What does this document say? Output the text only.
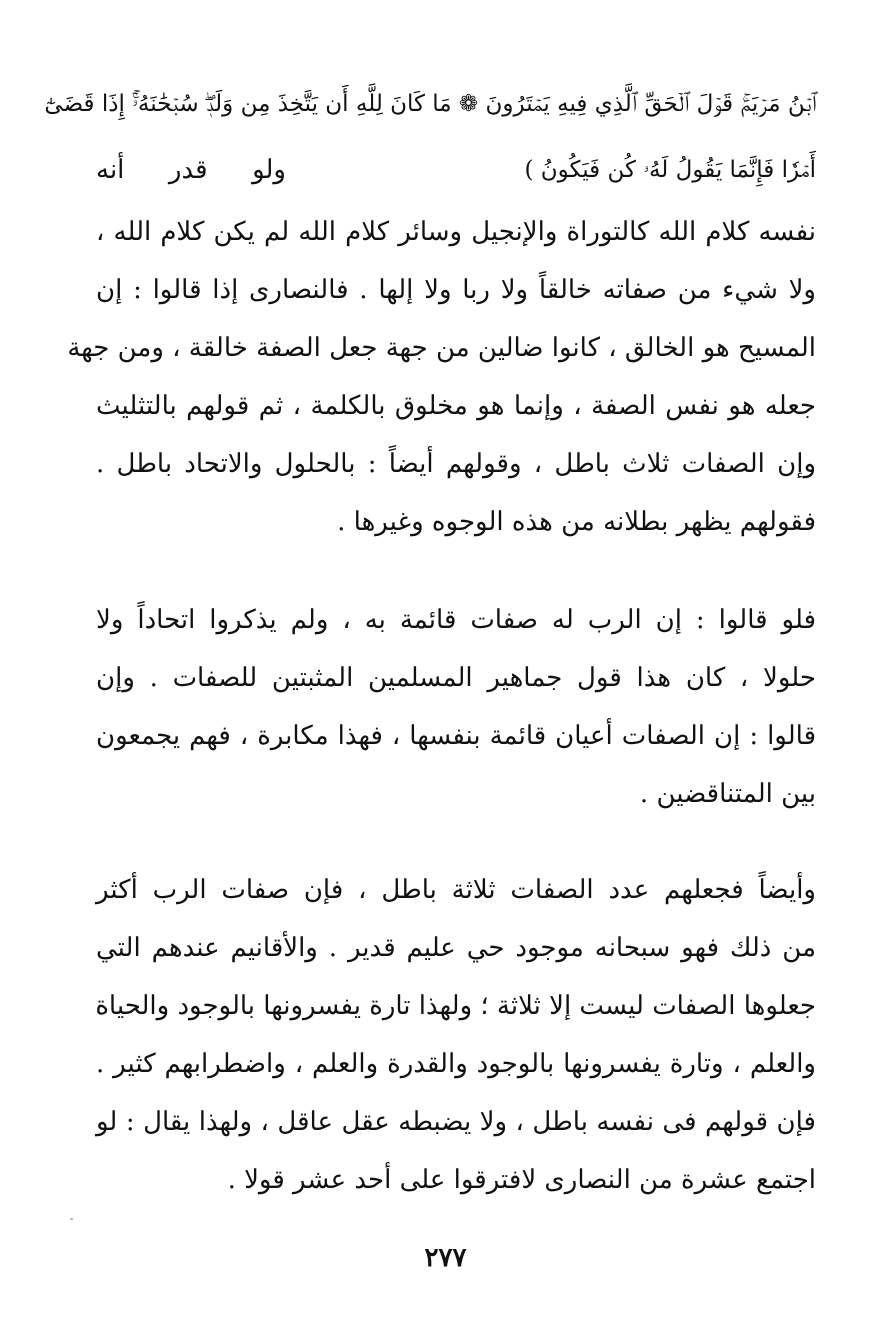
ٱبۡنُ مَرۡيَمَۚ قَوۡلَ ٱلۡحَقِّ ٱلَّذِي فِيهِ يَمۡتَرُونَ ❁ مَا كَانَ لِلَّهِ أَن يَتَّخِذَ مِن وَلَدٖۖ سُبۡحَٰنَهُۥٓۚ إِذَا قَضَىٰٓ
أَمۡرٗا فَإِنَّمَا يَقُولُ لَهُۥ كُن فَيَكُونُ )
ولو قدر أنه
نفسه كلام الله كالتوراة والإنجيل وسائر كلام الله لم يكن كلام الله ،
ولا شيء من صفاته خالقاً ولا ربا ولا إلها . فالنصارى إذا قالوا : إن
المسيح هو الخالق ، كانوا ضالين من جهة جعل الصفة خالقة ، ومن جهة
جعله هو نفس الصفة ، وإنما هو مخلوق بالكلمة ، ثم قولهم بالتثليث
وإن الصفات ثلاث باطل ، وقولهم أيضاً : بالحلول والاتحاد باطل .
فقولهم يظهر بطلانه من هذه الوجوه وغيرها .
فلو قالوا : إن الرب له صفات قائمة به ، ولم يذكروا اتحاداً ولا
حلولا ، كان هذا قول جماهير المسلمين المثبتين للصفات . وإن
قالوا : إن الصفات أعيان قائمة بنفسها ، فهذا مكابرة ، فهم يجمعون
بين المتناقضين .
وأيضاً فجعلهم عدد الصفات ثلاثة باطل ، فإن صفات الرب أكثر
من ذلك فهو سبحانه موجود حي عليم قدير . والأقانيم عندهم التي
جعلوها الصفات ليست إلا ثلاثة ؛ ولهذا تارة يفسرونها بالوجود والحياة
والعلم ، وتارة يفسرونها بالوجود والقدرة والعلم ، واضطرابهم كثير .
فإن قولهم فى نفسه باطل ، ولا يضبطه عقل عاقل ، ولهذا يقال : لو
اجتمع عشرة من النصارى لافترقوا على أحد عشر قولا .
٢٧٧
